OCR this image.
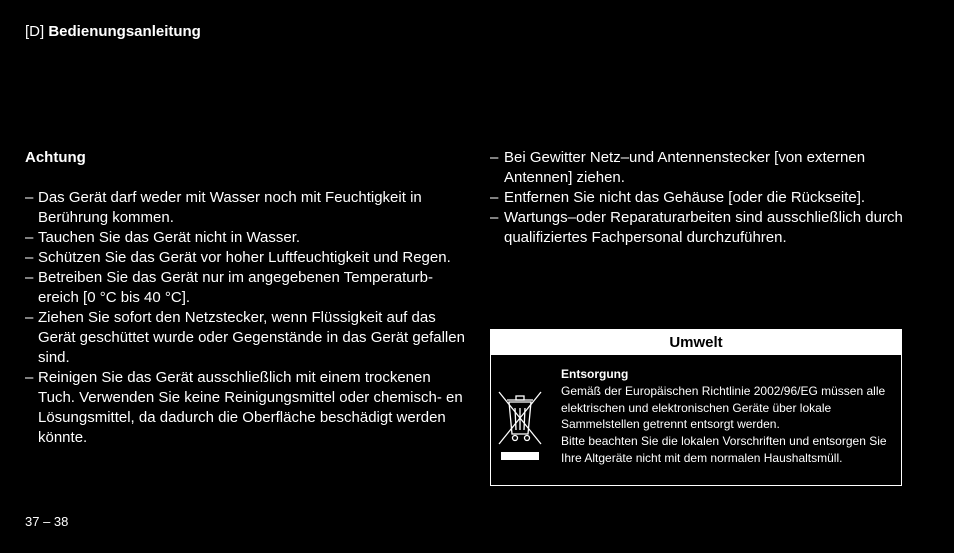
[D] Bedienungsanleitung
Achtung
– Das Gerät darf weder mit Wasser noch mit Feuchtigkeit in Berührung kommen.
– Tauchen Sie das Gerät nicht in Wasser.
– Schützen Sie das Gerät vor hoher Luftfeuchtigkeit und Regen.
– Betreiben Sie das Gerät nur im angegebenen Temperaturb- ereich [0 °C bis 40 °C].
– Ziehen Sie sofort den Netzstecker, wenn Flüssigkeit auf das Gerät geschüttet wurde oder Gegenstände in das Gerät gefallen sind.
– Reinigen Sie das Gerät ausschließlich mit einem trockenen Tuch. Verwenden Sie keine Reinigungsmittel oder chemisch- en Lösungsmittel, da dadurch die Oberfläche beschädigt werden könnte.
– Bei Gewitter Netz–und Antennenstecker [von externen Antennen] ziehen.
– Entfernen Sie nicht das Gehäuse [oder die Rückseite].
– Wartungs–oder Reparaturarbeiten sind ausschließlich durch qualifiziertes Fachpersonal durchzuführen.
Umwelt
Entsorgung
Gemäß der Europäischen Richtlinie 2002/96/EG müssen alle elektrischen und elektronischen Geräte über lokale Sammelstellen getrennt entsorgt werden.
Bitte beachten Sie die lokalen Vorschriften und entsorgen Sie Ihre Altgeräte nicht mit dem normalen Haushaltsmüll.
37 – 38
